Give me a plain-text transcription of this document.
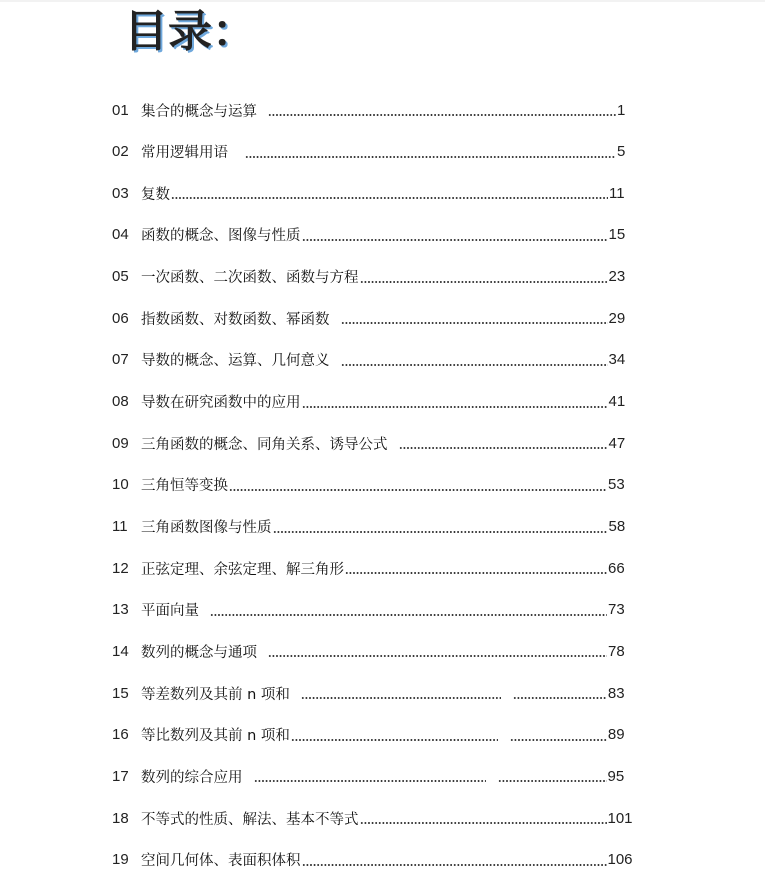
目录：
01 集合的概念与运算	1
02 常用逻辑用语	5
03 复数	11
04 函数的概念、图像与性质	15
05 一次函数、二次函数、函数与方程	23
06 指数函数、对数函数、幂函数	29
07 导数的概念、运算、几何意义	34
08 导数在研究函数中的应用	41
09 三角函数的概念、同角关系、诱导公式	47
10 三角恒等变换	53
11 三角函数图像与性质	58
12 正弦定理、余弦定理、解三角形	66
13 平面向量	73
14 数列的概念与通项	78
15 等差数列及其前 n 项和	83
16 等比数列及其前 n 项和	89
17 数列的综合应用	95
18 不等式的性质、解法、基本不等式	101
19 空间几何体、表面积体积	106
